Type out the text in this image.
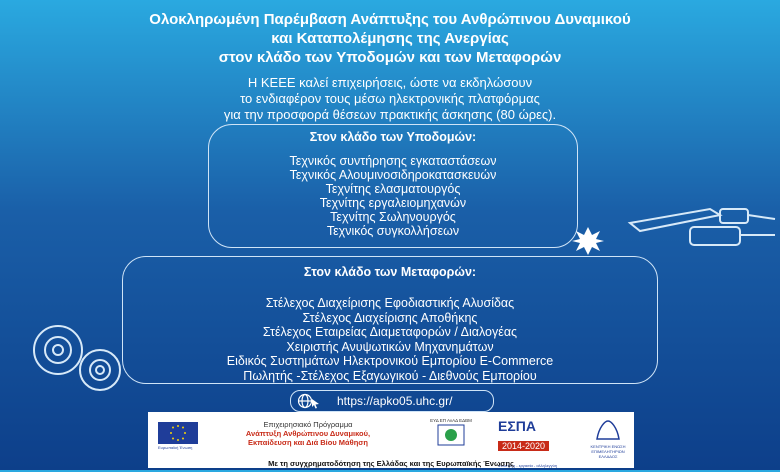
Ολοκληρωμένη Παρέμβαση Ανάπτυξης του Ανθρώπινου Δυναμικού
και Καταπολέμησης της Ανεργίας
στον κλάδο των Υποδομών και των Μεταφορών
Η ΚΕΕΕ καλεί επιχειρήσεις, ώστε να εκδηλώσουν
το ενδιαφέρον τους μέσω ηλεκτρονικής πλατφόρμας
για την προσφορά θέσεων πρακτικής άσκησης (80 ώρες).
Στον κλάδο των Υποδομών:
Τεχνικός συντήρησης εγκαταστάσεων
Τεχνικός Αλουμινοσιδηροκατασκευών
Τεχνίτης ελασματουργός
Τεχνίτης εργαλειομηχανών
Τεχνίτης Σωληνουργός
Τεχνικός συγκολλήσεων
Στον κλάδο των Μεταφορών:
Στέλεχος Διαχείρισης Εφοδιαστικής Αλυσίδας
Στέλεχος Διαχείρισης Αποθήκης
Στέλεχος Εταιρείας Διαμεταφορών / Διαλογέας
Χειριστής Ανυψωτικών Μηχανημάτων
Ειδικός Συστημάτων Ηλεκτρονικού Εμπορίου E-Commerce
Πωλητής -Στέλεχος Εξαγωγικού - Διεθνούς Εμπορίου
https://apko05.uhc.gr/
Ευρωπαϊκή Ένωση
Επιχειρησιακό Πρόγραμμα
Ανάπτυξη Ανθρώπινου Δυναμικού,
Εκπαίδευση και Διά Βίου Μάθηση
ΕΥΔ ΕΠ ΑνΑΔ ΕΔΒΜ	ΕΣΠΑ
2014-2020
ανάπτυξη - εργασία - αλληλεγγύη
ΚΕΝΤΡΙΚΗ ΕΝΩΣΗ ΕΠΙΜΕΛΗΤΗΡΙΩΝ ΕΛΛΑΔΟΣ
Με τη συγχρηματοδότηση της Ελλάδας και της Ευρωπαϊκής Ένωσης
